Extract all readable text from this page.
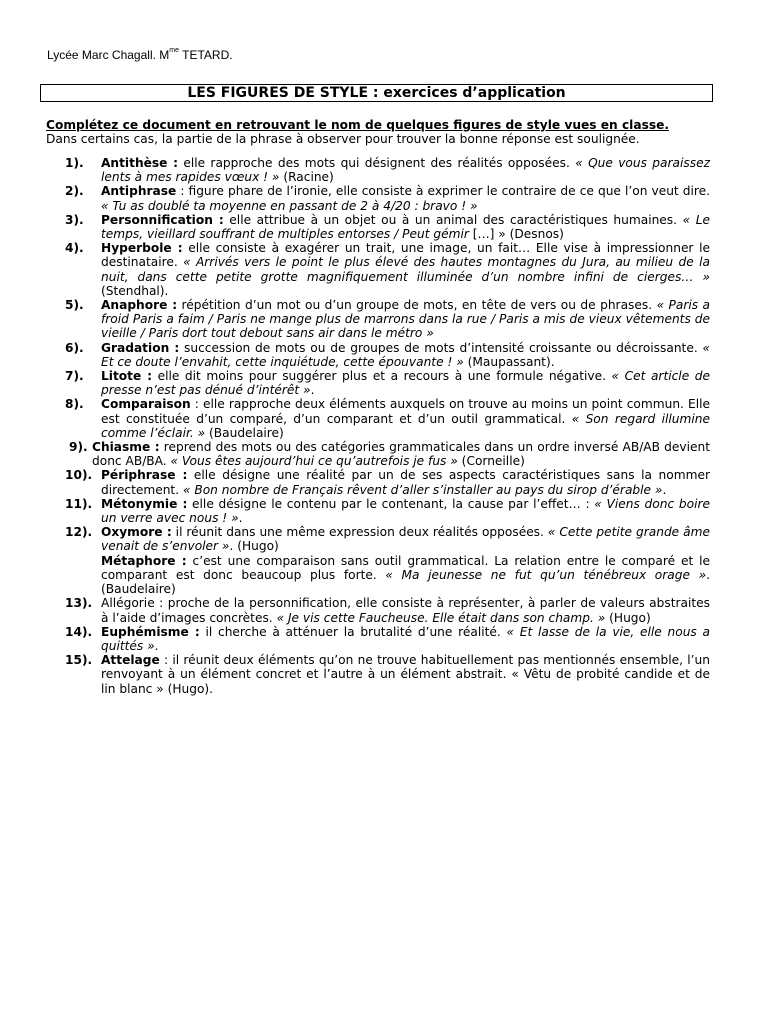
Lycée Marc Chagall. $M^{me}$ TETARD.
LES FIGURES DE STYLE : exercices d’application
Complétez ce document en retrouvant le nom de quelques figures de style vues en classe.
Dans certains cas, la partie de la phrase à observer pour trouver la bonne réponse est soulignée.
1). Antithèse : elle rapproche des mots qui désignent des réalités opposées. « Que vous paraissez lents à mes rapides vœux ! » (Racine)
2). Antiphrase : figure phare de l’ironie, elle consiste à exprimer le contraire de ce que l’on veut dire. « Tu as doublé ta moyenne en passant de 2 à 4/20 : bravo ! »
3). Personnification : elle attribue à un objet ou à un animal des caractéristiques humaines. « Le temps, vieillard souffrant de multiples entorses / Peut gémir […] » (Desnos)
4). Hyperbole : elle consiste à exagérer un trait, une image, un fait… Elle vise à impressionner le destinataire. « Arrivés vers le point le plus élevé des hautes montagnes du Jura, au milieu de la nuit, dans cette petite grotte magnifiquement illuminée d’un nombre infini de cierges… » (Stendhal).
5). Anaphore : répétition d’un mot ou d’un groupe de mots, en tête de vers ou de phrases. « Paris a froid Paris a faim / Paris ne mange plus de marrons dans la rue / Paris a mis de vieux vêtements de vieille / Paris dort tout debout sans air dans le métro »
6). Gradation : succession de mots ou de groupes de mots d’intensité croissante ou décroissante. « Et ce doute l’envahit, cette inquiétude, cette épouvante ! » (Maupassant).
7). Litote : elle dit moins pour suggérer plus et a recours à une formule négative. « Cet article de presse n’est pas dénué d’intérêt ».
8). Comparaison : elle rapproche deux éléments auxquels on trouve au moins un point commun. Elle est constituée d’un comparé, d’un comparant et d’un outil grammatical. « Son regard illumine comme l’éclair. » (Baudelaire)
9). Chiasme : reprend des mots ou des catégories grammaticales dans un ordre inversé AB/AB devient donc AB/BA. « Vous êtes aujourd’hui ce qu’autrefois je fus » (Corneille)
10). Périphrase : elle désigne une réalité par un de ses aspects caractéristiques sans la nommer directement. « Bon nombre de Français rêvent d’aller s’installer au pays du sirop d’érable ».
11). Métonymie : elle désigne le contenu par le contenant, la cause par l’effet… : « Viens donc boire un verre avec nous ! ».
12). Oxymore : il réunit dans une même expression deux réalités opposées. « Cette petite grande âme venait de s’envoler ». (Hugo)
Métaphore : c’est une comparaison sans outil grammatical. La relation entre le comparé et le comparant est donc beaucoup plus forte. « Ma jeunesse ne fut qu’un ténébreux orage ». (Baudelaire)
13). Allégorie : proche de la personnification, elle consiste à représenter, à parler de valeurs abstraites à l’aide d’images concrètes. « Je vis cette Faucheuse. Elle était dans son champ. » (Hugo)
14). Euphémisme : il cherche à atténuer la brutalité d’une réalité. « Et lasse de la vie, elle nous a quittés ».
15). Attelage : il réunit deux éléments qu’on ne trouve habituellement pas mentionnés ensemble, l’un renvoyant à un élément concret et l’autre à un élément abstrait. « Vêtu de probité candide et de lin blanc » (Hugo).
